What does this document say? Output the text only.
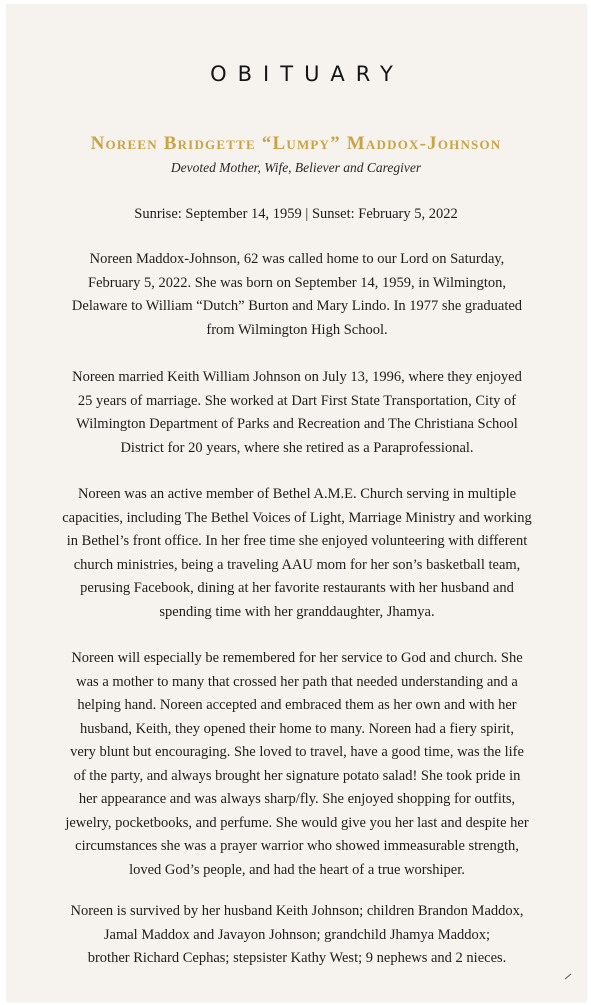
OBITUARY
Noreen Bridgette “Lumpy” Maddox-Johnson
Devoted Mother, Wife, Believer and Caregiver
Sunrise: September 14, 1959 | Sunset: February 5, 2022

Noreen Maddox-Johnson, 62 was called home to our Lord on Saturday,
February 5, 2022. She was born on September 14, 1959, in Wilmington,
Delaware to William “Dutch” Burton and Mary Lindo. In 1977 she graduated
from Wilmington High School.

Noreen married Keith William Johnson on July 13, 1996, where they enjoyed
25 years of marriage. She worked at Dart First State Transportation, City of
Wilmington Department of Parks and Recreation and The Christiana School
District for 20 years, where she retired as a Paraprofessional.

Noreen was an active member of Bethel A.M.E. Church serving in multiple
capacities, including The Bethel Voices of Light, Marriage Ministry and working
in Bethel’s front office. In her free time she enjoyed volunteering with different
church ministries, being a traveling AAU mom for her son’s basketball team,
perusing Facebook, dining at her favorite restaurants with her husband and
spending time with her granddaughter, Jhamya.

Noreen will especially be remembered for her service to God and church. She
was a mother to many that crossed her path that needed understanding and a
helping hand. Noreen accepted and embraced them as her own and with her
husband, Keith, they opened their home to many. Noreen had a fiery spirit,
very blunt but encouraging. She loved to travel, have a good time, was the life
of the party, and always brought her signature potato salad! She took pride in
her appearance and was always sharp/fly. She enjoyed shopping for outfits,
jewelry, pocketbooks, and perfume. She would give you her last and despite her
circumstances she was a prayer warrior who showed immeasurable strength,
loved God’s people, and had the heart of a true worshiper.

Noreen is survived by her husband Keith Johnson; children Brandon Maddox,
Jamal Maddox and Javayon Johnson; grandchild Jhamya Maddox;
brother Richard Cephas; stepsister Kathy West; 9 nephews and 2 nieces.
